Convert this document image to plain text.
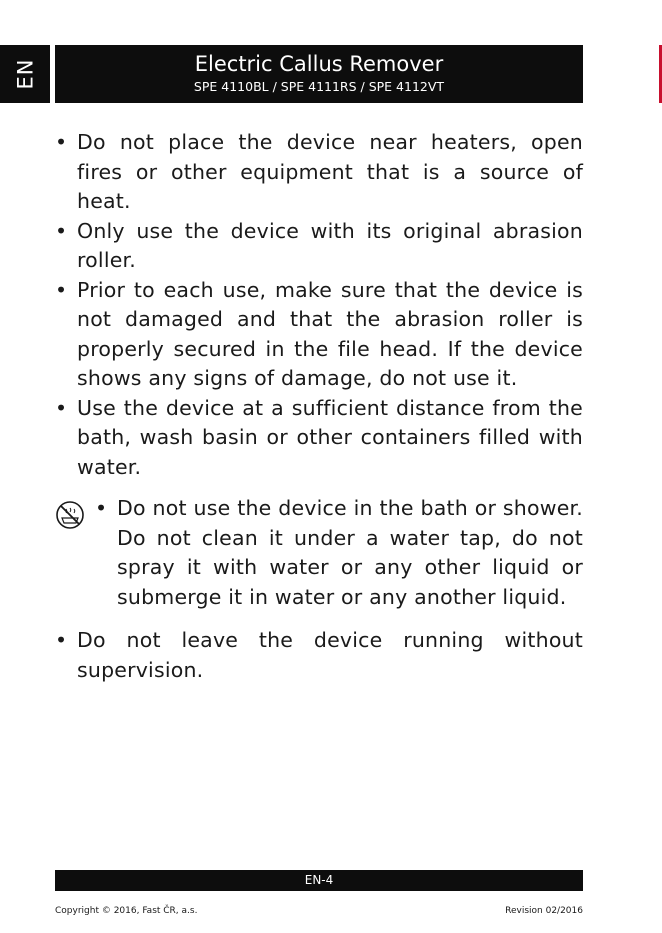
EN	Electric Callus Remover
SPE 4110BL / SPE 4111RS / SPE 4112VT
• Do not place the device near heaters, open fires or other equipment that is a source of heat.
• Only use the device with its original abrasion roller.
• Prior to each use, make sure that the device is not damaged and that the abrasion roller is properly secured in the file head. If the device shows any signs of damage, do not use it.
• Use the device at a sufficient distance from the bath, wash basin or other containers filled with water.
• Do not use the device in the bath or shower. Do not clean it under a water tap, do not spray it with water or any other liquid or submerge it in water or any another liquid.
• Do not leave the device running without supervision.
EN-4
Copyright © 2016, Fast ČR, a.s.	Revision 02/2016
